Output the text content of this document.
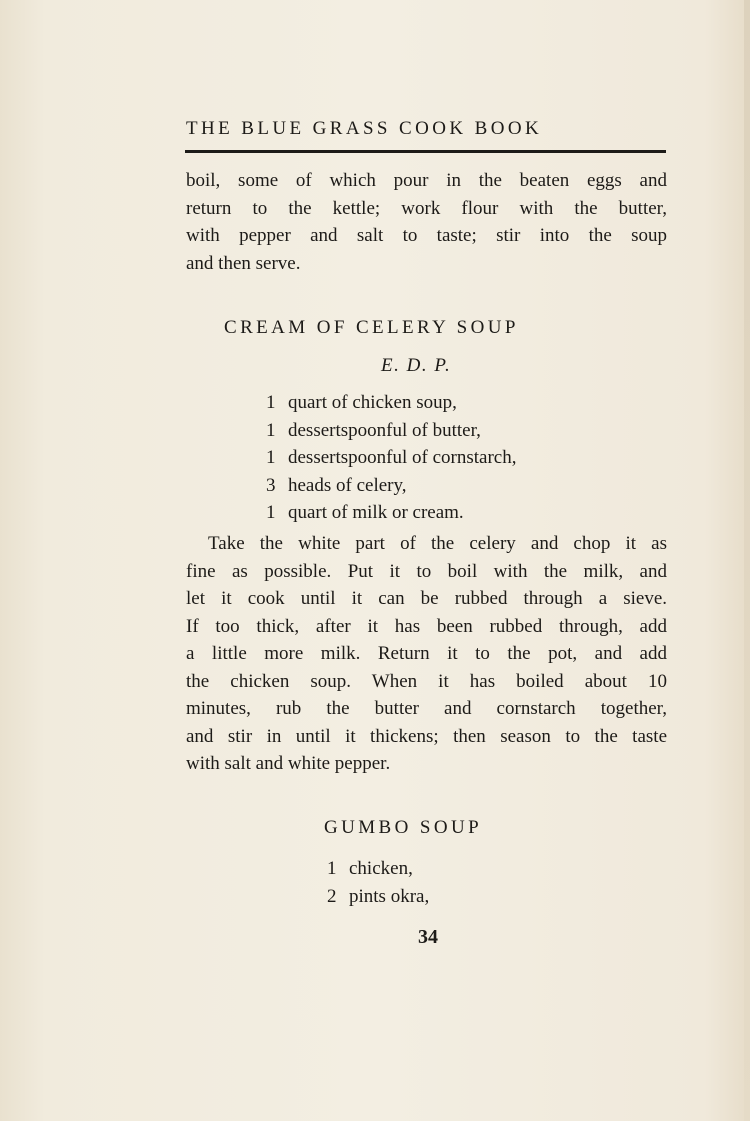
THE BLUE GRASS COOK BOOK

boil, some of which pour in the beaten eggs and
return to the kettle; work flour with the butter,
with pepper and salt to taste; stir into the soup
and then serve.

CREAM OF CELERY SOUP
E. D. P.
1 quart of chicken soup,
1 dessertspoonful of butter,
1 dessertspoonful of cornstarch,
3 heads of celery,
1 quart of milk or cream.

Take the white part of the celery and chop it as
fine as possible. Put it to boil with the milk, and
let it cook until it can be rubbed through a sieve.
If too thick, after it has been rubbed through, add
a little more milk. Return it to the pot, and add
the chicken soup. When it has boiled about 10
minutes, rub the butter and cornstarch together,
and stir in until it thickens; then season to the taste
with salt and white pepper.

GUMBO SOUP
1 chicken,
2 pints okra,
34
